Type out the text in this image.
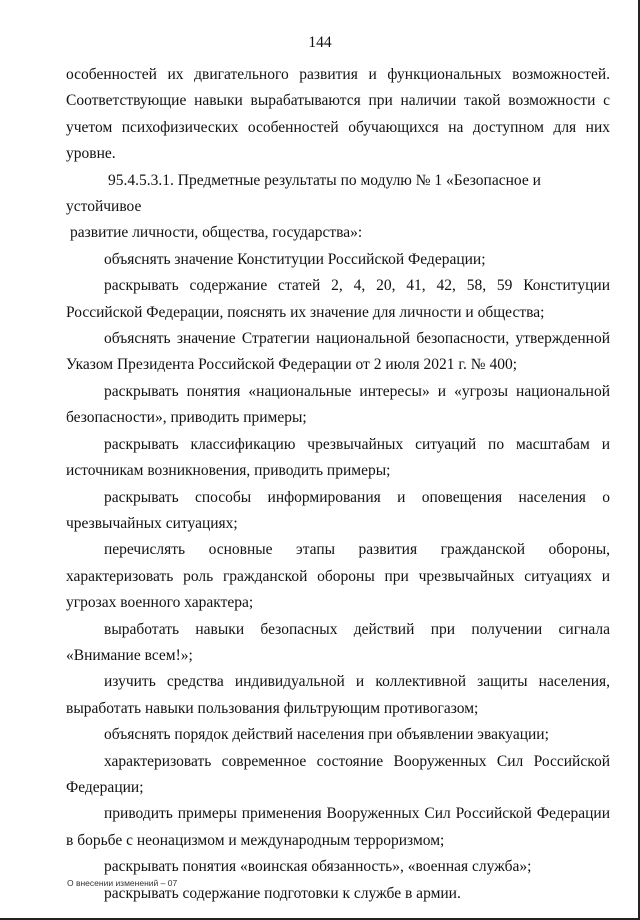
144

особенностей их двигательного развития и функциональных возможностей. Соответствующие навыки вырабатываются при наличии такой возможности с учетом психофизических особенностей обучающихся на доступном для них уровне.

95.4.5.3.1. Предметные результаты по модулю № 1 «Безопасное и устойчивое
развитие личности, общества, государства»:

объяснять значение Конституции Российской Федерации;

раскрывать содержание статей 2, 4, 20, 41, 42, 58, 59 Конституции Российской Федерации, пояснять их значение для личности и общества;

объяснять значение Стратегии национальной безопасности, утвержденной Указом Президента Российской Федерации от 2 июля 2021 г. № 400;

раскрывать понятия «национальные интересы» и «угрозы национальной безопасности», приводить примеры;

раскрывать классификацию чрезвычайных ситуаций по масштабам и источникам возникновения, приводить примеры;

раскрывать способы информирования и оповещения населения о чрезвычайных ситуациях;

перечислять основные этапы развития гражданской обороны, характеризовать роль гражданской обороны при чрезвычайных ситуациях и угрозах военного характера;

выработать навыки безопасных действий при получении сигнала «Внимание всем!»;

изучить средства индивидуальной и коллективной защиты населения, выработать навыки пользования фильтрующим противогазом;

объяснять порядок действий населения при объявлении эвакуации;

характеризовать современное состояние Вооруженных Сил Российской Федерации;

приводить примеры применения Вооруженных Сил Российской Федерации в борьбе с неонацизмом и международным терроризмом;

раскрывать понятия «воинская обязанность», «военная служба»;

раскрывать содержание подготовки к службе в армии.

О внесении изменений – 07
